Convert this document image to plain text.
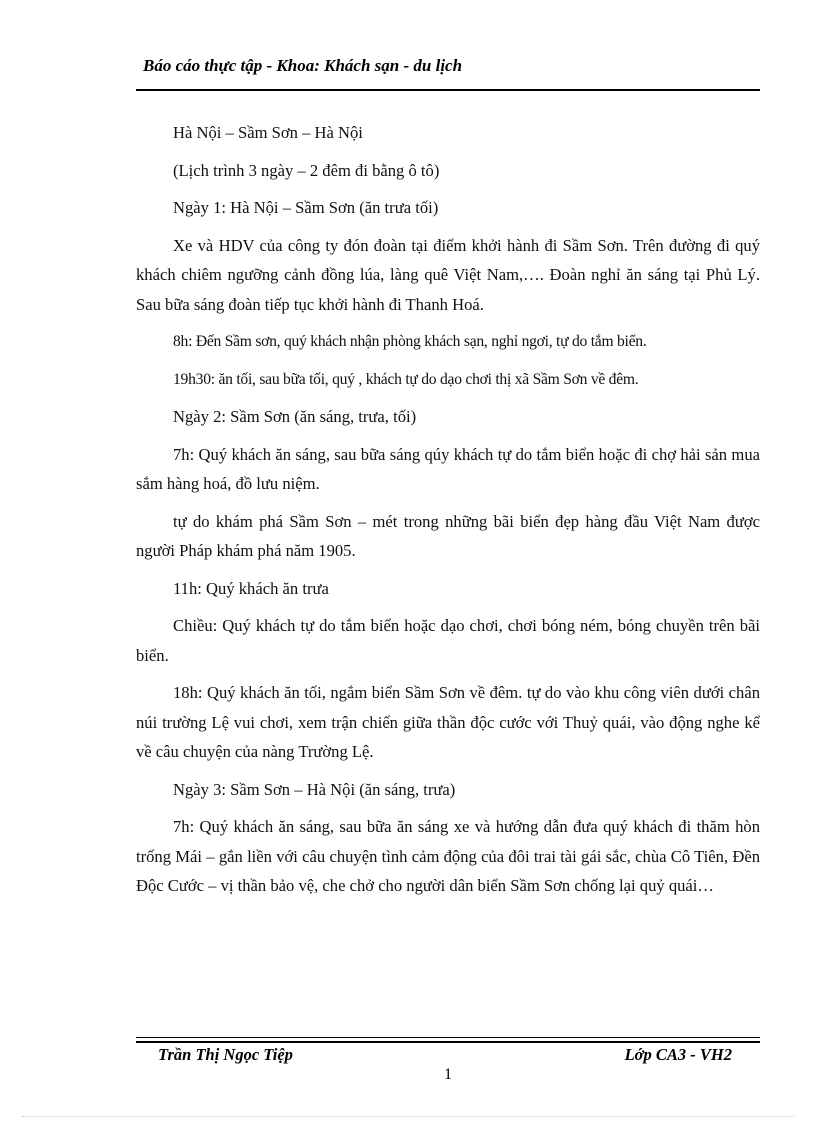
Báo cáo thực tập - Khoa: Khách sạn - du lịch

Hà Nội – Sầm Sơn – Hà Nội

(Lịch trình 3 ngày – 2 đêm đi bằng ô tô)

Ngày 1: Hà Nội – Sầm Sơn (ăn trưa tối)

Xe và HDV của công ty đón đoàn tại điểm khởi hành đi Sầm Sơn. Trên đường đi quý khách chiêm ngưỡng cảnh đồng lúa, làng quê Việt Nam,…. Đoàn nghỉ ăn sáng tại Phủ Lý. Sau bữa sáng đoàn tiếp tục khởi hành đi Thanh Hoá.

8h: Đến Sầm sơn, quý khách nhận phòng khách sạn, nghỉ ngơi, tự do tắm biển.

19h30: ăn tối, sau bữa tối, quý , khách tự do dạo chơi thị xã Sầm Sơn về đêm.

Ngày 2: Sầm Sơn (ăn sáng, trưa, tối)

7h: Quý khách ăn sáng, sau bữa sáng qúy khách tự do tắm biển hoặc đi chợ hải sản mua sắm hàng hoá, đồ lưu niệm.

tự do khám phá Sầm Sơn – mét trong những bãi biển đẹp hàng đầu Việt Nam được người Pháp khám phá năm 1905.

11h: Quý khách ăn trưa

Chiều: Quý khách tự do tắm biển hoặc dạo chơi, chơi bóng ném, bóng chuyền trên bãi biển.

18h: Quý khách ăn tối, ngắm biển Sầm Sơn về đêm. tự do vào khu công viên dưới chân núi trường Lệ vui chơi, xem trận chiến giữa thần độc cước với Thuỷ quái, vào động nghe kể về câu chuyện của nàng Trường Lệ.

Ngày 3: Sầm Sơn – Hà Nội (ăn sáng, trưa)

7h: Quý khách ăn sáng, sau bữa ăn sáng xe và hướng dẫn đưa quý khách đi thăm hòn trống Mái – gắn liền với câu chuyện tình cảm động của đôi trai tài gái sắc, chùa Cô Tiên, Đền Độc Cước – vị thần bảo vệ, che chở cho người dân biển Sầm Sơn chống lại quỷ quái…

Trần Thị Ngọc Tiệp	Lớp CA3 - VH2
1
